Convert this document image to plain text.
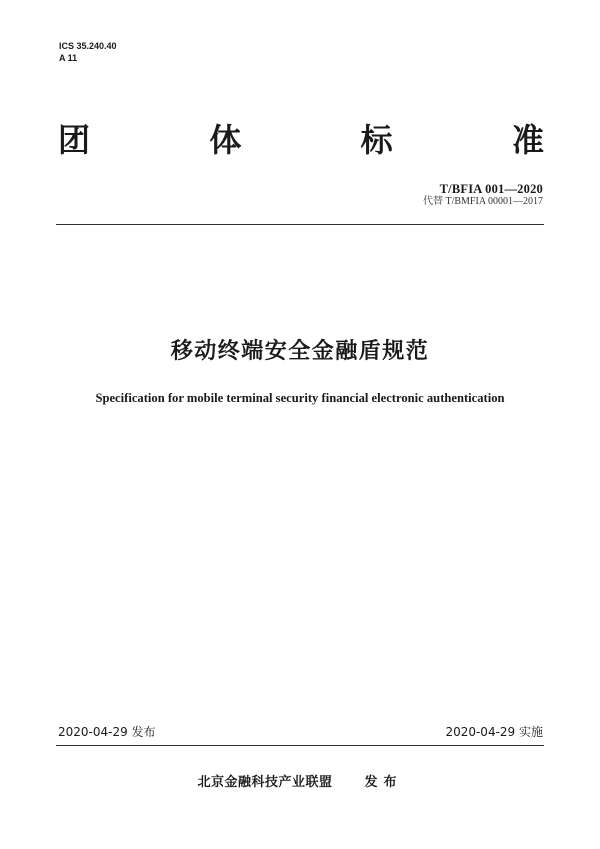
ICS 35.240.40
A 11
团	体	标	准
T/BFIA 001—2020
代替 T/BMFIA 00001—2017
移动终端安全金融盾规范
Specification for mobile terminal security financial electronic authentication
2020-04-29 发布	2020-04-29 实施
北京金融科技产业联盟 发布
